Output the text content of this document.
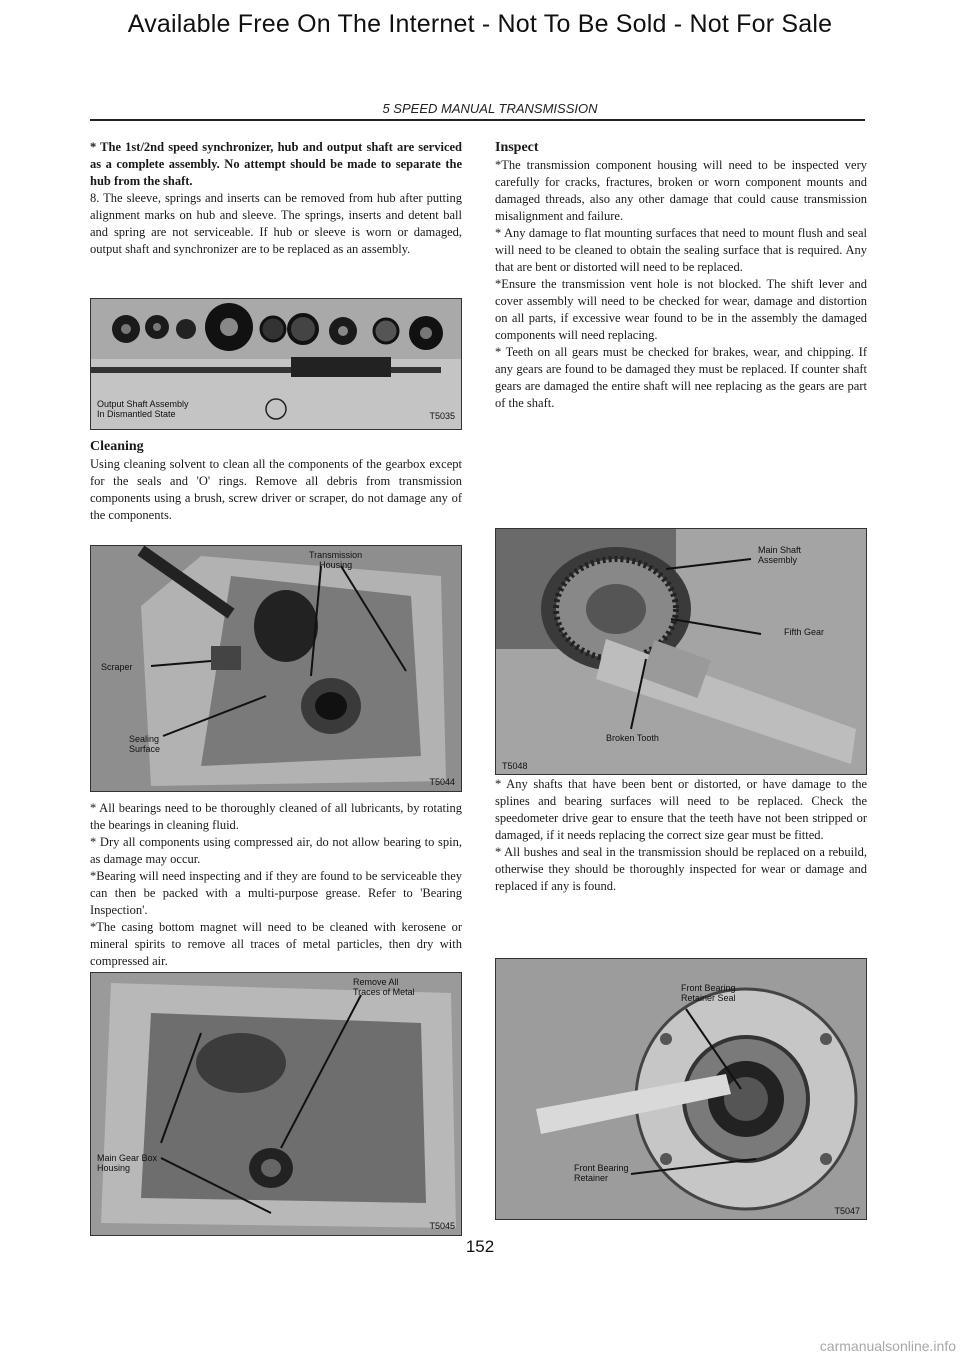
Available Free On The Internet - Not To Be Sold - Not For Sale
5 SPEED MANUAL TRANSMISSION

* The 1st/2nd speed synchronizer, hub and output shaft are serviced as a complete assembly. No attempt should be made to separate the hub from the shaft.

8. The sleeve, springs and inserts can be removed from hub after putting alignment marks on hub and sleeve. The springs, inserts and detent ball and spring are not serviceable. If hub or sleeve is worn or damaged, output shaft and synchronizer are to be replaced as an assembly.

Output Shaft Assembly
In Dismantled State	T5035
Cleaning

Using cleaning solvent to clean all the components of the gearbox except for the seals and 'O' rings. Remove all debris from transmission components using a brush, screw driver or scraper, do not damage any of the components.

Transmission
Housing
Scraper
Sealing
Surface
T5044

* All bearings need to be thoroughly cleaned of all lubricants, by rotating the bearings in cleaning fluid.

* Dry all components using compressed air, do not allow bearing to spin, as damage may occur.

*Bearing will need inspecting and if they are found to be serviceable they can then be packed with a multi-purpose grease. Refer to 'Bearing Inspection'.

*The casing bottom magnet will need to be cleaned with kerosene or mineral spirits to remove all traces of metal particles, then dry with compressed air.

Remove All
Traces of Metal
Main Gear Box
Housing
T5045
Inspect

*The transmission component housing will need to be inspected very carefully for cracks, fractures, broken or worn component mounts and damaged threads, also any other damage that could cause transmission misalignment and failure.

* Any damage to flat mounting surfaces that need to mount flush and seal will need to be cleaned to obtain the sealing surface that is required. Any that are bent or distorted will need to be replaced.

*Ensure the transmission vent hole is not blocked. The shift lever and cover assembly will need to be checked for wear, damage and distortion on all parts, if excessive wear found to be in the assembly the damaged components will need replacing.

* Teeth on all gears must be checked for brakes, wear, and chipping. If any gears are found to be damaged they must be replaced. If counter shaft gears are damaged the entire shaft will nee replacing as the gears are part of the shaft.

Main Shaft
Assembly
Fifth Gear
Broken Tooth
T5048

* Any shafts that have been bent or distorted, or have damage to the splines and bearing surfaces will need to be replaced. Check the speedometer drive gear to ensure that the teeth have not been stripped or damaged, if it needs replacing the correct size gear must be fitted.

* All bushes and seal in the transmission should be replaced on a rebuild, otherwise they should be thoroughly inspected for wear or damage and replaced if any is found.

Front Bearing
Retainer Seal
Front Bearing
Retainer
T5047
152
carmanualsonline.info
